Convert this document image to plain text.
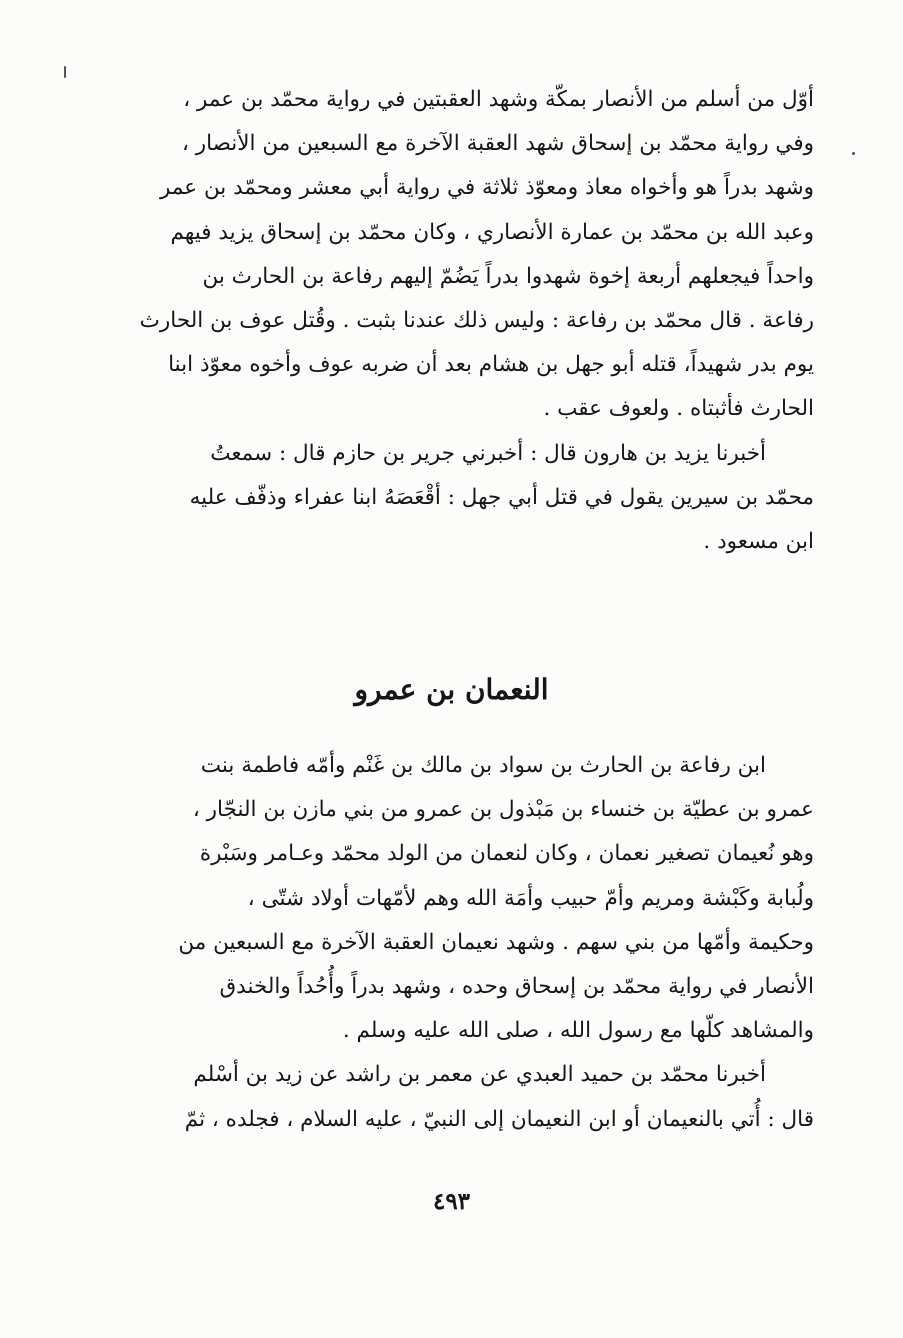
أوّل من أسلم من الأنصار بمكّة وشهد العقبتين في رواية محمّد بن عمر ،
وفي رواية محمّد بن إسحاق شهد العقبة الآخرة مع السبعين من الأنصار ،
وشهد بدراً هو وأخواه معاذ ومعوّذ ثلاثة في رواية أبي معشر ومحمّد بن عمر
وعبد الله بن محمّد بن عمارة الأنصاري ، وكان محمّد بن إسحاق يزيد فيهم
واحداً فيجعلهم أربعة إخوة شهدوا بدراً يَضُمّ إليهم رفاعة بن الحارث بن
رفاعة . قال محمّد بن رفاعة : وليس ذلك عندنا بثبت . وقُتل عوف بن الحارث
يوم بدر شهيداً، قتله أبو جهل بن هشام بعد أن ضربه عوف وأخوه معوّذ ابنا
الحارث فأثبتاه . ولعوف عقب .
أخبرنا يزيد بن هارون قال : أخبرني جرير بن حازم قال : سمعتُ
محمّد بن سيرين يقول في قتل أبي جهل : أقْعَصَهُ ابنا عفراء وذفّف عليه
ابن مسعود .
النعمان بن عمرو
ابن رفاعة بن الحارث بن سواد بن مالك بن غَنْم وأمّه فاطمة بنت
عمرو بن عطيّة بن خنساء بن مَبْذول بن عمرو من بني مازن بن النجّار ،
وهو نُعيمان تصغير نعمان ، وكان لنعمان من الولد محمّد وعـامر وسَبْرة
ولُبابة وكَبْشة ومريم وأمّ حبيب وأمَة الله وهم لأمّهات أولاد شتّى ،
وحكيمة وأمّها من بني سهم . وشهد نعيمان العقبة الآخرة مع السبعين من
الأنصار في رواية محمّد بن إسحاق وحده ، وشهد بدراً وأُحُداً والخندق
والمشاهد كلّها مع رسول الله ، صلى الله عليه وسلم .
أخبرنا محمّد بن حميد العبدي عن معمر بن راشد عن زيد بن أسْلم
قال : أُتي بالنعيمان أو ابن النعيمان إلى النبيّ ، عليه السلام ، فجلده ، ثمّ
٤٩٣
